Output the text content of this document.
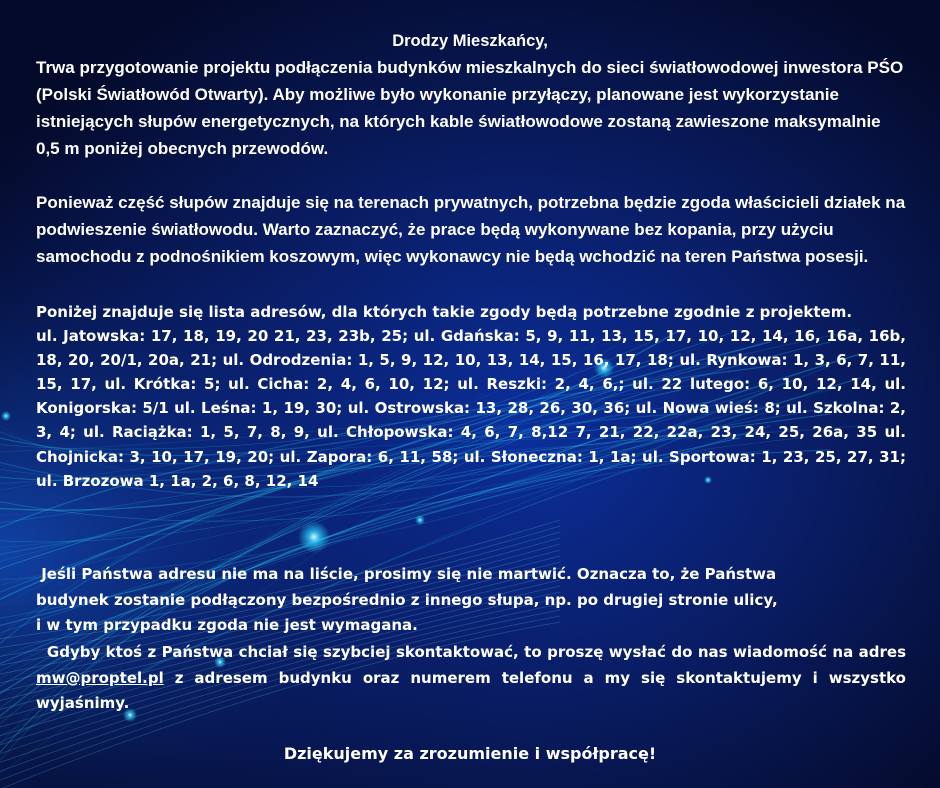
Drodzy Mieszkańcy,

Trwa przygotowanie projektu podłączenia budynków mieszkalnych do sieci światłowodowej inwestora PŚO (Polski Światłowód Otwarty). Aby możliwe było wykonanie przyłączy, planowane jest wykorzystanie istniejących słupów energetycznych, na których kable światłowodowe zostaną zawieszone maksymalnie 0,5 m poniżej obecnych przewodów.

Ponieważ część słupów znajduje się na terenach prywatnych, potrzebna będzie zgoda właścicieli działek na podwieszenie światłowodu. Warto zaznaczyć, że prace będą wykonywane bez kopania, przy użyciu samochodu z podnośnikiem koszowym, więc wykonawcy nie będą wchodzić na teren Państwa posesji.

Poniżej znajduje się lista adresów, dla których takie zgody będą potrzebne zgodnie z projektem.
ul. Jatowska: 17, 18, 19, 20 21, 23, 23b, 25; ul. Gdańska: 5, 9, 11, 13, 15, 17, 10, 12, 14, 16, 16a, 16b, 18, 20, 20/1, 20a, 21; ul. Odrodzenia: 1, 5, 9, 12, 10, 13, 14, 15, 16, 17, 18; ul. Rynkowa: 1, 3, 6, 7, 11, 15, 17, ul. Krótka: 5; ul. Cicha: 2, 4, 6, 10, 12; ul. Reszki: 2, 4, 6,; ul. 22 lutego: 6, 10, 12, 14, ul. Konigorska: 5/1 ul. Leśna: 1, 19, 30; ul. Ostrowska: 13, 28, 26, 30, 36; ul. Nowa wieś: 8; ul. Szkolna: 2, 3, 4; ul. Raciążka: 1, 5, 7, 8, 9, ul. Chłopowska: 4, 6, 7, 8,12 7, 21, 22, 22a, 23, 24, 25, 26a, 35 ul. Chojnicka: 3, 10, 17, 19, 20; ul. Zapora: 6, 11, 58; ul. Słoneczna: 1, 1a; ul. Sportowa: 1, 23, 25, 27, 31; ul. Brzozowa 1, 1a, 2, 6, 8, 12, 14
Jeśli Państwa adresu nie ma na liście, prosimy się nie martwić. Oznacza to, że Państwa
budynek zostanie podłączony bezpośrednio z innego słupa, np. po drugiej stronie ulicy,
i w tym przypadku zgoda nie jest wymagana.

Gdyby ktoś z Państwa chciał się szybciej skontaktować, to proszę wysłać do nas wiadomość na adres  mw@proptel.pl z adresem budynku oraz numerem telefonu a my się skontaktujemy i wszystko wyjaśnimy.

Dziękujemy za zrozumienie i współpracę!
